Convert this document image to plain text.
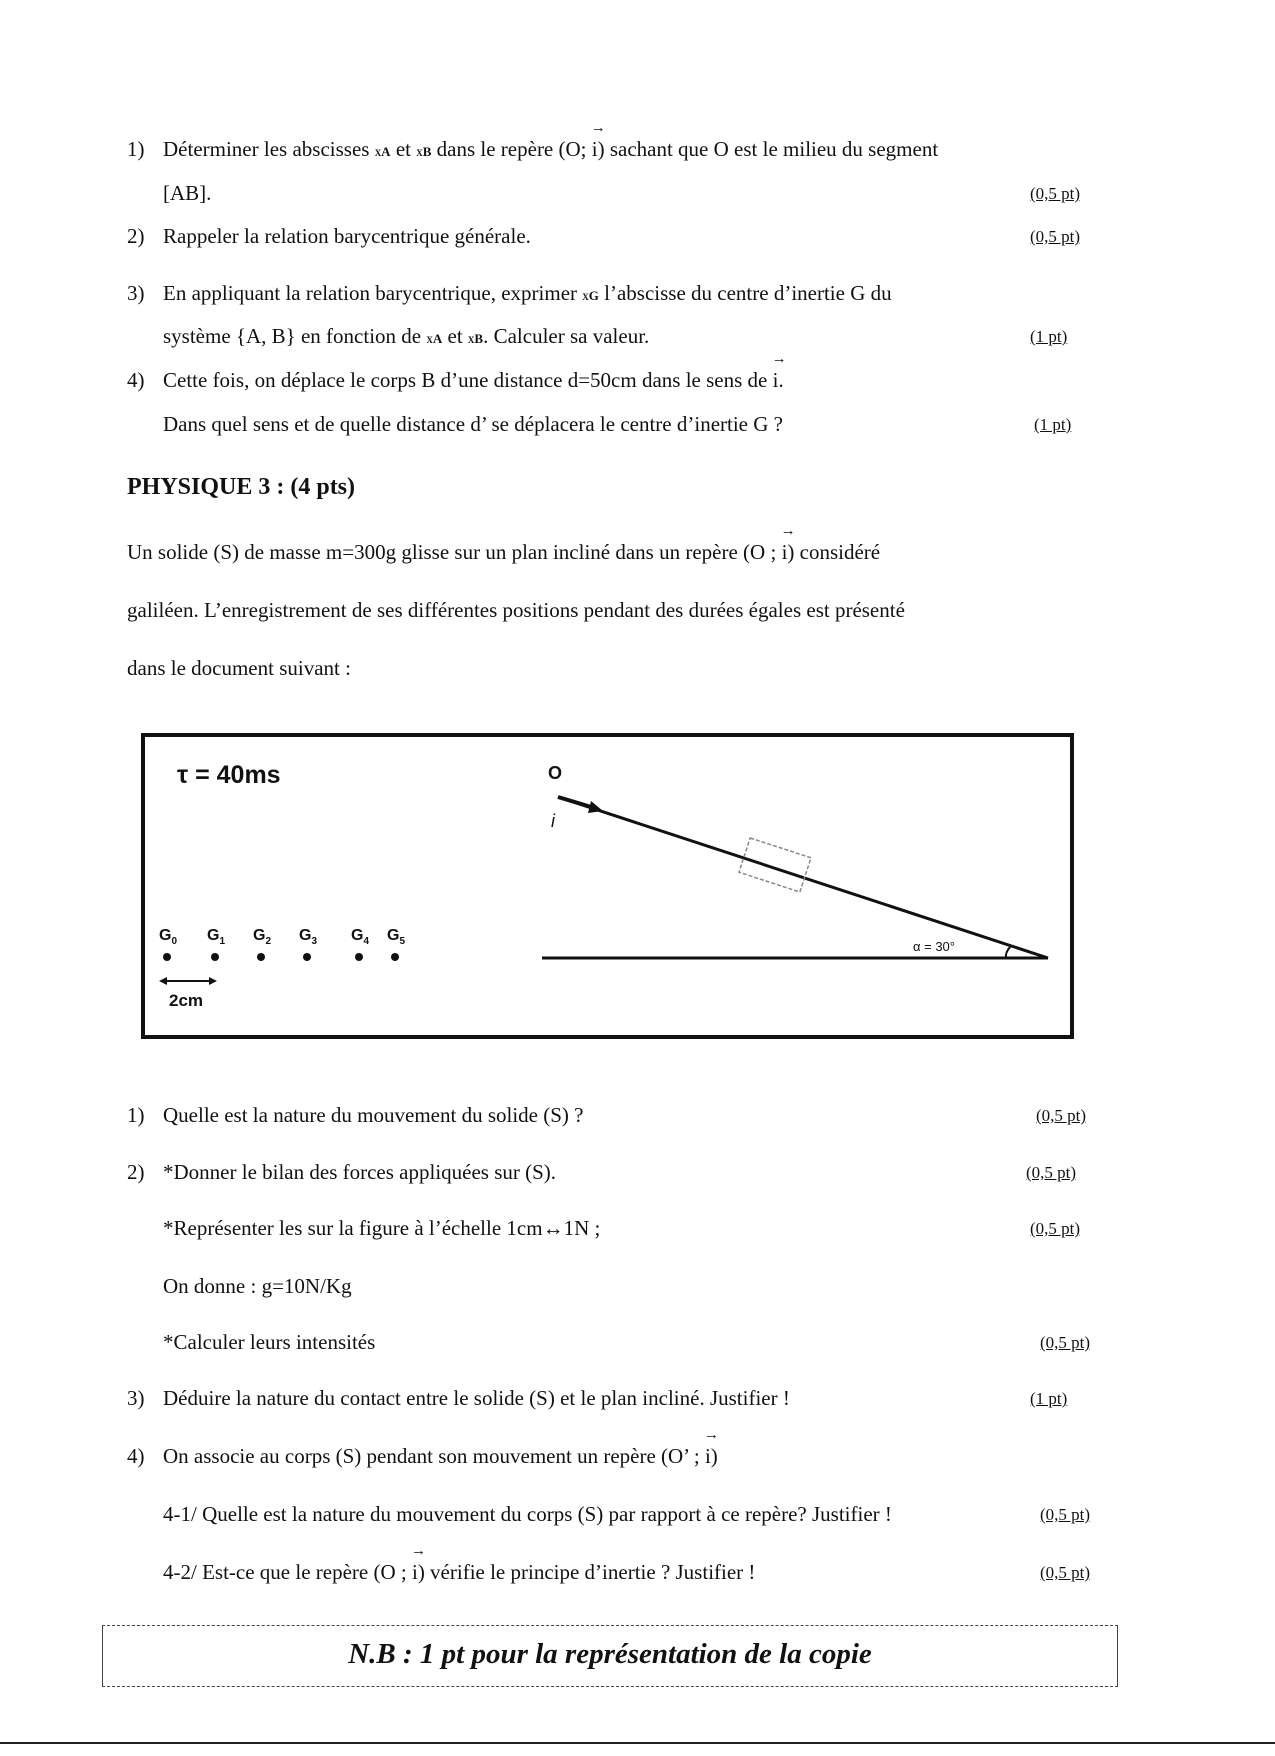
1) Déterminer les abscisses xA et xB dans le repère (O; → i) sachant que O est le milieu du segment
[AB].	(0,5 pt)
2) Rappeler la relation barycentrique générale.	(0,5 pt)
3) En appliquant la relation barycentrique, exprimer xG l’abscisse du centre d’inertie G du
système {A, B} en fonction de xA et xB. Calculer sa valeur.	(1 pt)
4) Cette fois, on déplace le corps B d’une distance d=50cm dans le sens de → i.
Dans quel sens et de quelle distance d’ se déplacera le centre d’inertie G ?	(1 pt)
PHYSIQUE 3 : (4 pts)
Un solide (S) de masse m=300g glisse sur un plan incliné dans un repère (O ; → i) considéré
galiléen. L’enregistrement de ses différentes positions pendant des durées égales est présenté
dans le document suivant :
τ = 40ms	O
i
α = 30°
2cm
$G_0$ $G_1$ $G_2$ $G_3$ $G_4$ $G_5$
1) Quelle est la nature du mouvement du solide (S) ?	(0,5 pt)
2) *Donner le bilan des forces appliquées sur (S).	(0,5 pt)
*Représenter les sur la figure à l’échelle 1cm↔1N ;	(0,5 pt)
On donne : g=10N/Kg
*Calculer leurs intensités	(0,5 pt)
3) Déduire la nature du contact entre le solide (S) et le plan incliné. Justifier !	(1 pt)
4) On associe au corps (S) pendant son mouvement un repère (O’ ; → i)
4-1/ Quelle est la nature du mouvement du corps (S) par rapport à ce repère? Justifier !	(0,5 pt)
4-2/ Est-ce que le repère (O ; → i) vérifie le principe d’inertie ? Justifier !	(0,5 pt)
N.B : 1 pt pour la représentation de la copie
